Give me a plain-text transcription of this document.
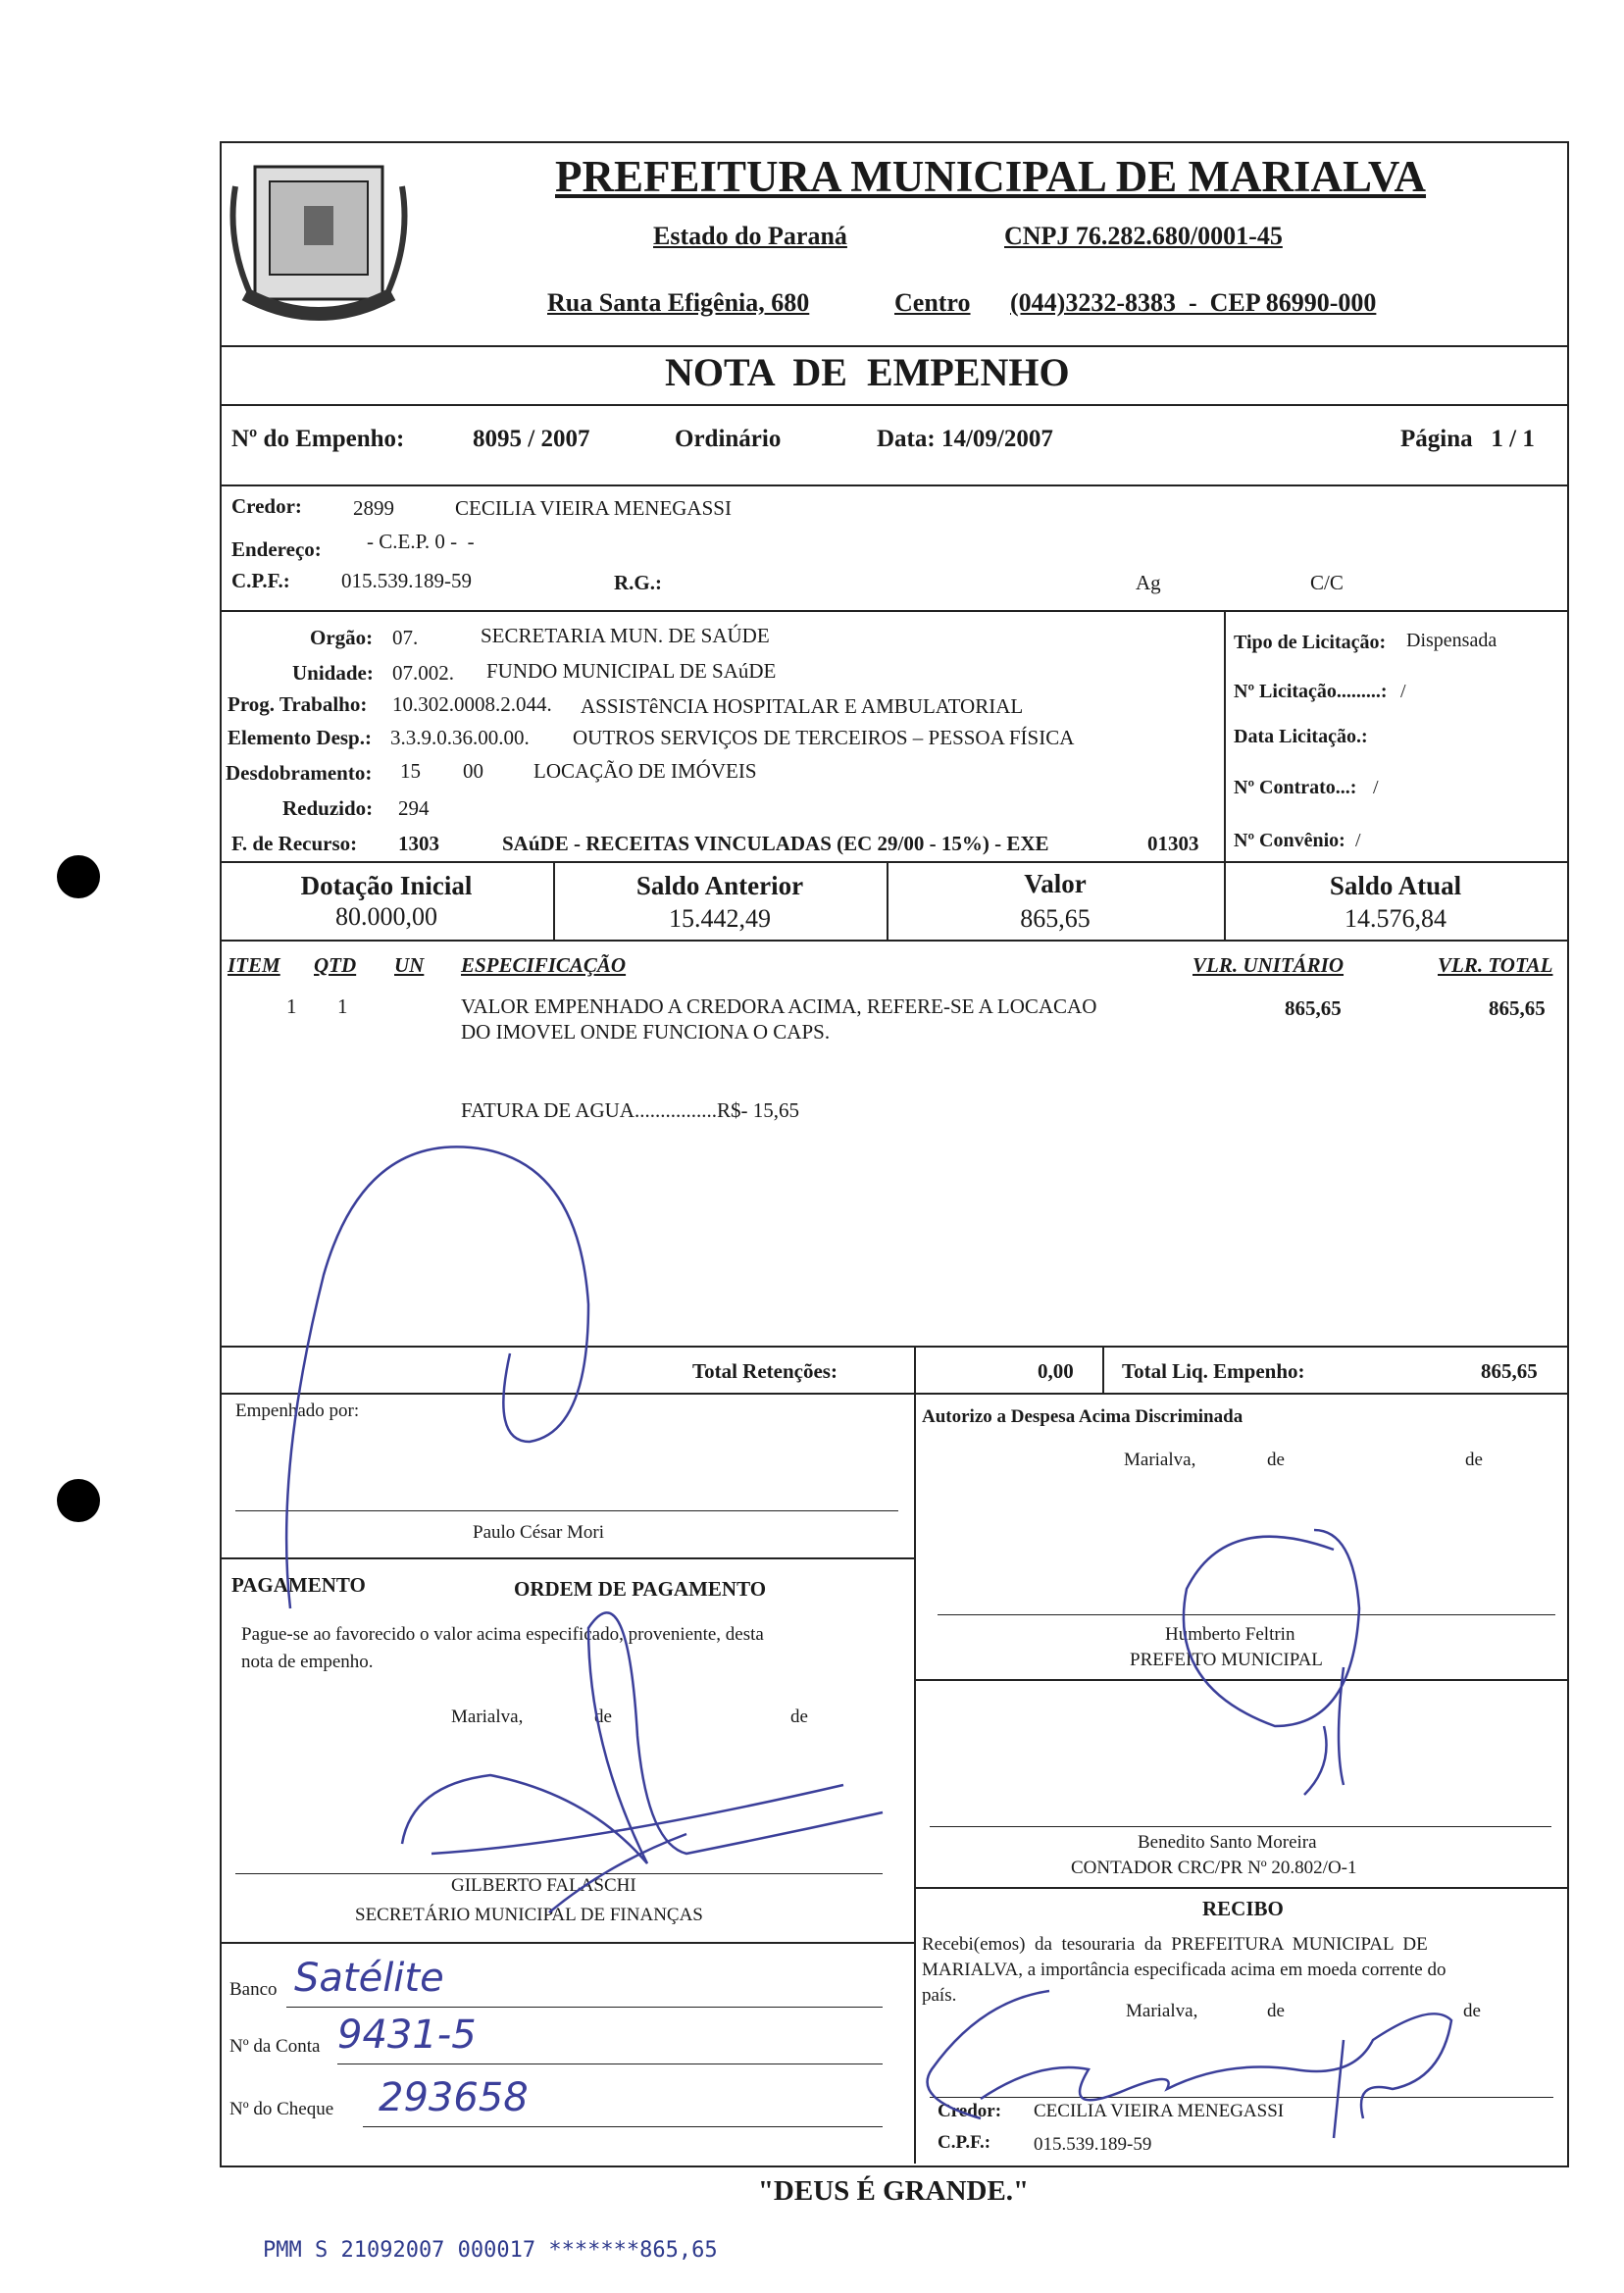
PREFEITURA MUNICIPAL DE MARIALVA
Estado do Paraná	CNPJ 76.282.680/0001-45
Rua Santa Efigênia, 680	Centro (044)3232-8383  -  CEP 86990-000
NOTA  DE  EMPENHO
Nº do Empenho:	8095 / 2007	Ordinário	Data: 14/09/2007	Página   1 / 1
Credor: 2899	CECILIA VIEIRA MENEGASSI
Endereço: - C.E.P. 0 -  -
C.P.F.: 015.539.189-59	R.G.:	Ag	C/C
Orgão: 07.	SECRETARIA MUN. DE SAÚDE
Unidade: 07.002. FUNDO MUNICIPAL DE SAúDE
Prog. Trabalho: 10.302.0008.2.044. ASSISTêNCIA HOSPITALAR E AMBULATORIAL
Elemento Desp.: 3.3.9.0.36.00.00. OUTROS SERVIÇOS DE TERCEIROS – PESSOA FÍSICA
Desdobramento: 15 00 LOCAÇÃO DE IMÓVEIS
Reduzido: 294
F. de Recurso: 1303	SAúDE - RECEITAS VINCULADAS (EC 29/00 - 15%) - EXE	01303
Tipo de Licitação: Dispensada
Nº Licitação.........: /
Data Licitação.:
Nº Contrato...: /
Nº Convênio: /
Dotação Inicial
80.000,00
Saldo Anterior
15.442,49
Valor
865,65
Saldo Atual
14.576,84
ITEM QTD UN ESPECIFICAÇÃO	VLR. UNITÁRIO	VLR. TOTAL
1 1	VALOR EMPENHADO A CREDORA ACIMA, REFERE-SE A LOCACAO
DO IMOVEL ONDE FUNCIONA O CAPS.
FATURA DE AGUA................R$- 15,65
865,65	865,65
Total Retenções:	0,00 Total Liq. Empenho:	865,65
Empenhado por:
Paulo César Mori
PAGAMENTO	ORDEM DE PAGAMENTO
Pague-se ao favorecido o valor acima especificado, proveniente, desta
nota de empenho.
Marialva,	de	de
GILBERTO FALASCHI
SECRETÁRIO MUNICIPAL DE FINANÇAS
Banco Satélite
Nº da Conta 9431-5
Nº do Cheque 293658
Autorizo a Despesa Acima Discriminada
Marialva,	de	de
Humberto Feltrin
PREFEITO MUNICIPAL
Benedito Santo Moreira
CONTADOR CRC/PR Nº 20.802/O-1
RECIBO
Recebi(emos)  da  tesouraria  da  PREFEITURA  MUNICIPAL  DE
MARIALVA, a importância especificada acima em moeda corrente do
país.
Marialva,	de	de
Credor: CECILIA VIEIRA MENEGASSI
C.P.F.: 015.539.189-59
"DEUS É GRANDE."
PMM S 21092007 000017 *******865,65
